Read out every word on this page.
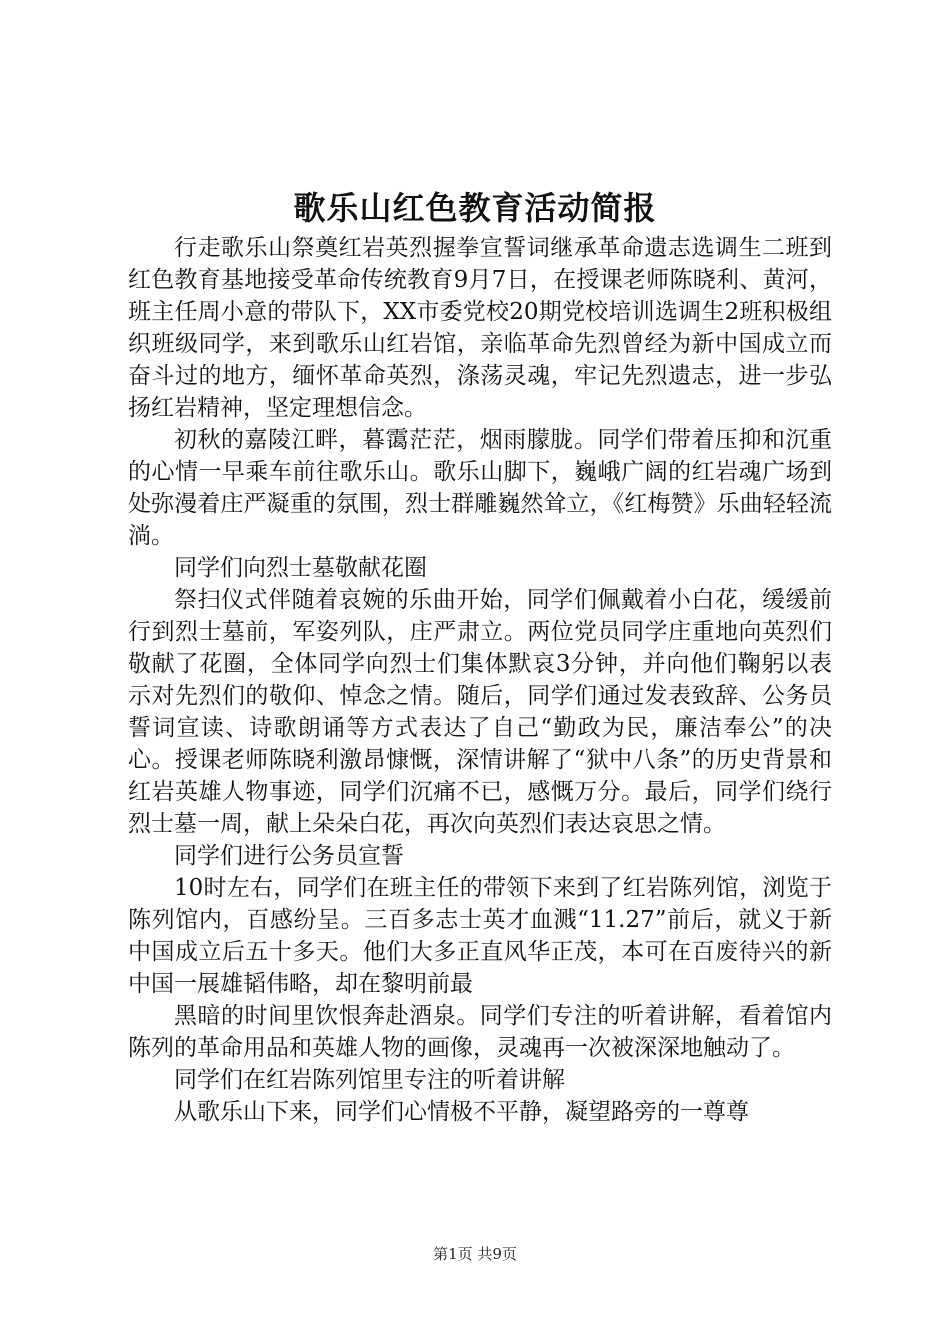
歌乐山红色教育活动简报

行走歌乐山祭奠红岩英烈握拳宣誓词继承革命遗志选调生二班到红色教育基地接受革命传统教育9月7日，在授课老师陈晓利、黄河，班主任周小意的带队下，XX市委党校20期党校培训选调生2班积极组织班级同学，来到歌乐山红岩馆，亲临革命先烈曾经为新中国成立而奋斗过的地方，缅怀革命英烈，涤荡灵魂，牢记先烈遗志，进一步弘扬红岩精神，坚定理想信念。

初秋的嘉陵江畔，暮霭茫茫，烟雨朦胧。同学们带着压抑和沉重的心情一早乘车前往歌乐山。歌乐山脚下，巍峨广阔的红岩魂广场到处弥漫着庄严凝重的氛围，烈士群雕巍然耸立，《红梅赞》乐曲轻轻流淌。

同学们向烈士墓敬献花圈

祭扫仪式伴随着哀婉的乐曲开始，同学们佩戴着小白花，缓缓前行到烈士墓前，军姿列队，庄严肃立。两位党员同学庄重地向英烈们敬献了花圈，全体同学向烈士们集体默哀3分钟，并向他们鞠躬以表示对先烈们的敬仰、悼念之情。随后，同学们通过发表致辞、公务员誓词宣读、诗歌朗诵等方式表达了自己“勤政为民，廉洁奉公”的决心。授课老师陈晓利激昂慷慨，深情讲解了“狱中八条”的历史背景和红岩英雄人物事迹，同学们沉痛不已，感慨万分。最后，同学们绕行烈士墓一周，献上朵朵白花，再次向英烈们表达哀思之情。

同学们进行公务员宣誓

10时左右，同学们在班主任的带领下来到了红岩陈列馆，浏览于陈列馆内，百感纷呈。三百多志士英才血溅“11.27”前后，就义于新中国成立后五十多天。他们大多正直风华正茂，本可在百废待兴的新中国一展雄韬伟略，却在黎明前最

黑暗的时间里饮恨奔赴酒泉。同学们专注的听着讲解，看着馆内陈列的革命用品和英雄人物的画像，灵魂再一次被深深地触动了。

同学们在红岩陈列馆里专注的听着讲解

从歌乐山下来，同学们心情极不平静，凝望路旁的一尊尊

第1页 共9页
